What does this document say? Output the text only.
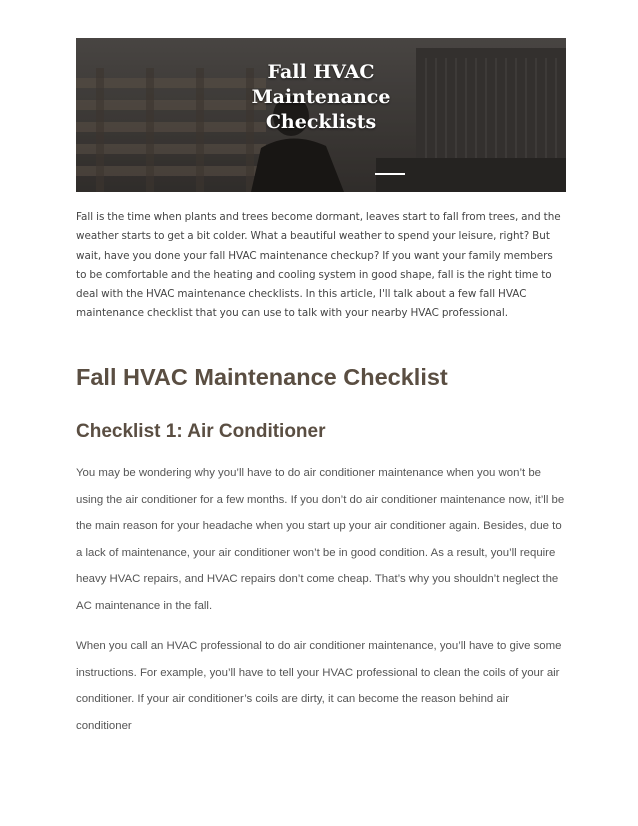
Fall HVAC
Maintenance
Checklists

Fall is the time when plants and trees become dormant, leaves start to fall from trees, and the weather starts to get a bit colder. What a beautiful weather to spend your leisure, right? But wait, have you done your fall HVAC maintenance checkup? If you want your family members to be comfortable and the heating and cooling system in good shape, fall is the right time to deal with the HVAC maintenance checklists. In this article, I'll talk about a few fall HVAC maintenance checklist that you can use to talk with your nearby HVAC professional.

Fall HVAC Maintenance Checklist
Checklist 1: Air Conditioner

You may be wondering why you’ll have to do air conditioner maintenance when you won’t be using the air conditioner for a few months. If you don’t do air conditioner maintenance now, it’ll be the main reason for your headache when you start up your air conditioner again. Besides, due to a lack of maintenance, your air conditioner won’t be in good condition. As a result, you’ll require heavy HVAC repairs, and HVAC repairs don’t come cheap. That’s why you shouldn’t neglect the AC maintenance in the fall.

When you call an HVAC professional to do air conditioner maintenance, you’ll have to give some instructions. For example, you’ll have to tell your HVAC professional to clean the coils of your air conditioner. If your air conditioner’s coils are dirty, it can become the reason behind air conditioner
